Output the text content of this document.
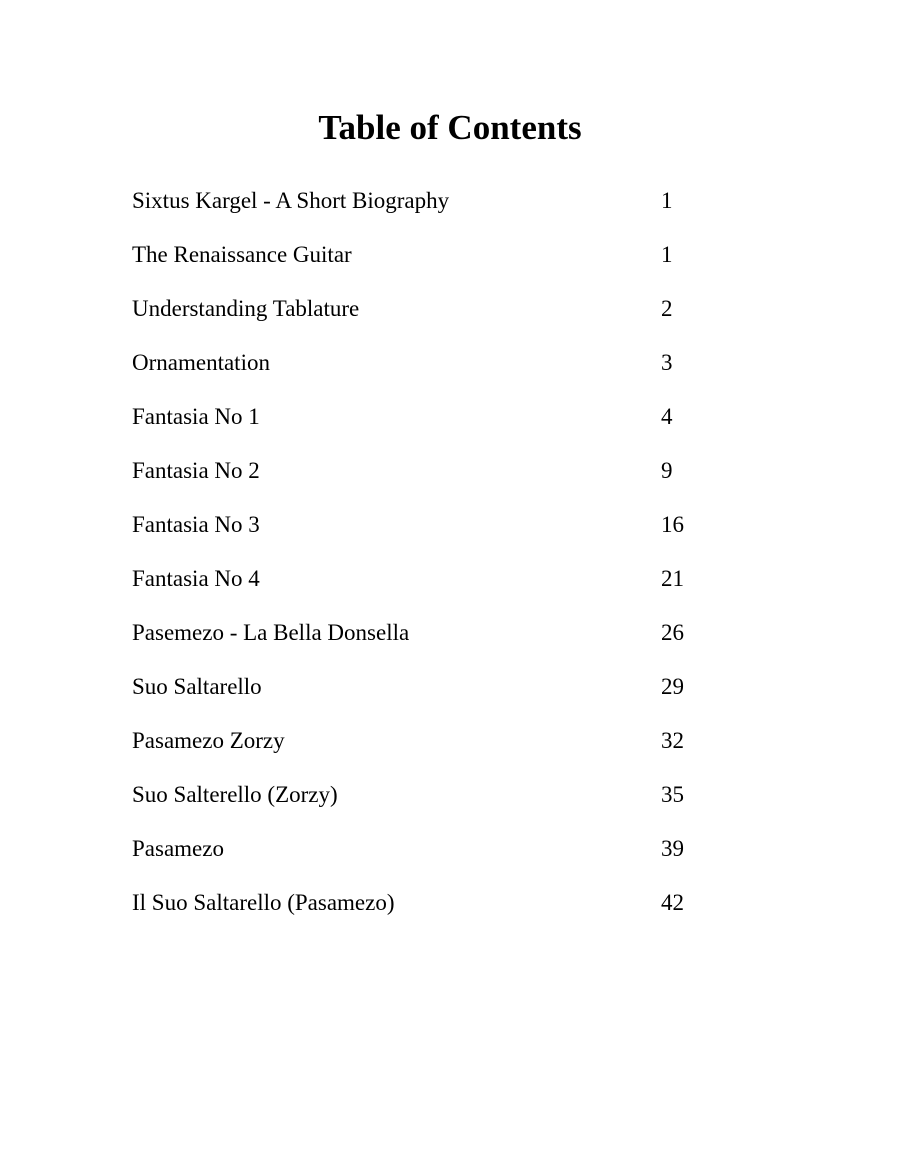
Table of Contents
Sixtus Kargel - A Short Biography	1
The Renaissance Guitar	1
Understanding Tablature	2
Ornamentation	3
Fantasia No 1	4
Fantasia No 2	9
Fantasia No 3	16
Fantasia No 4	21
Pasemezo - La Bella Donsella	26
Suo Saltarello	29
Pasamezo Zorzy	32
Suo Salterello (Zorzy)	35
Pasamezo	39
Il Suo Saltarello (Pasamezo)	42
